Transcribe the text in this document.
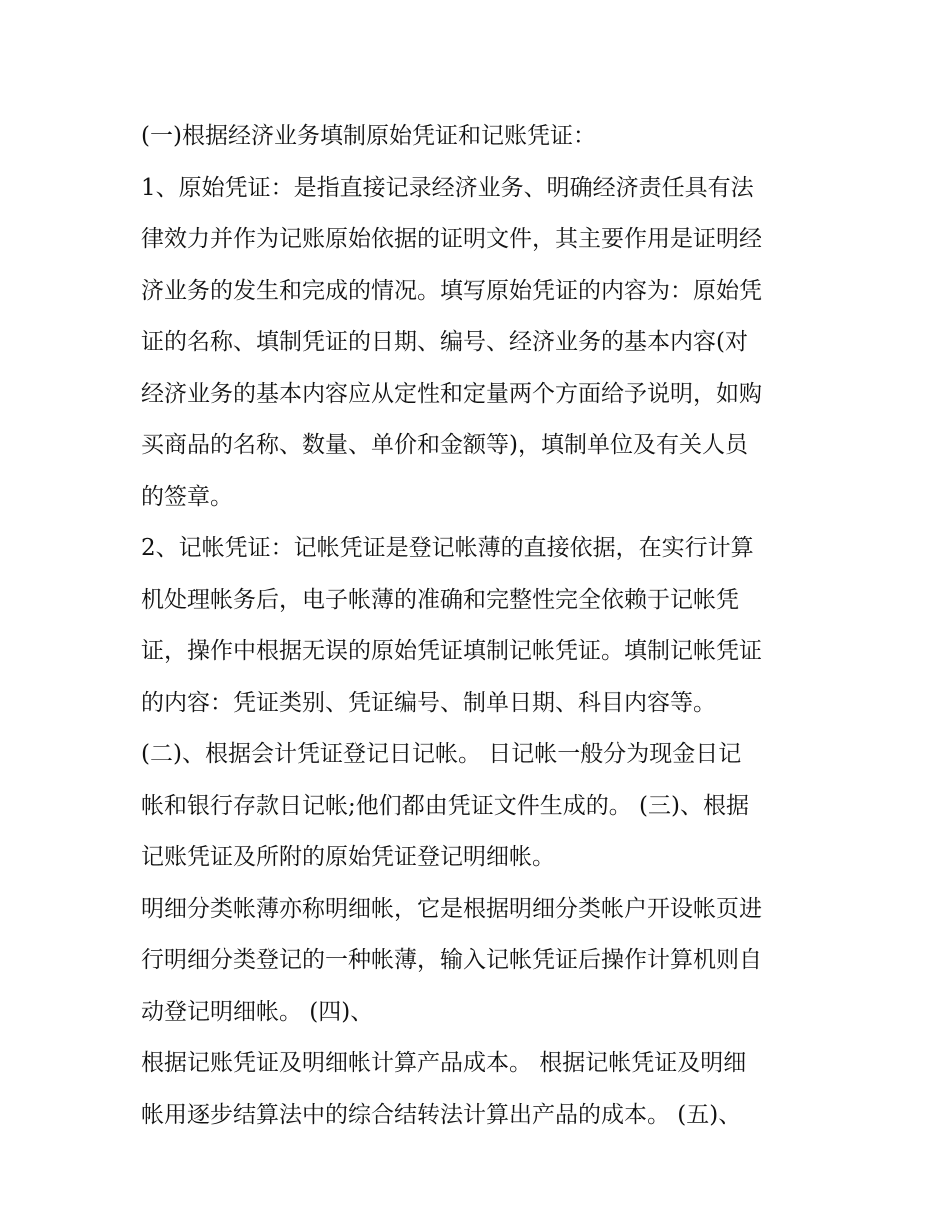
(一)根据经济业务填制原始凭证和记账凭证：
1、原始凭证：是指直接记录经济业务、明确经济责任具有法
律效力并作为记账原始依据的证明文件，其主要作用是证明经
济业务的发生和完成的情况。填写原始凭证的内容为：原始凭
证的名称、填制凭证的日期、编号、经济业务的基本内容(对
经济业务的基本内容应从定性和定量两个方面给予说明，如购
买商品的名称、数量、单价和金额等)，填制单位及有关人员
的签章。
2、记帐凭证：记帐凭证是登记帐薄的直接依据，在实行计算
机处理帐务后，电子帐薄的准确和完整性完全依赖于记帐凭
证，操作中根据无误的原始凭证填制记帐凭证。填制记帐凭证
的内容：凭证类别、凭证编号、制单日期、科目内容等。
(二)、根据会计凭证登记日记帐。 日记帐一般分为现金日记
帐和银行存款日记帐;他们都由凭证文件生成的。 (三)、根据
记账凭证及所附的原始凭证登记明细帐。
明细分类帐薄亦称明细帐，它是根据明细分类帐户开设帐页进
行明细分类登记的一种帐薄，输入记帐凭证后操作计算机则自
动登记明细帐。 (四)、
根据记账凭证及明细帐计算产品成本。 根据记帐凭证及明细
帐用逐步结算法中的综合结转法计算出产品的成本。 (五)、
